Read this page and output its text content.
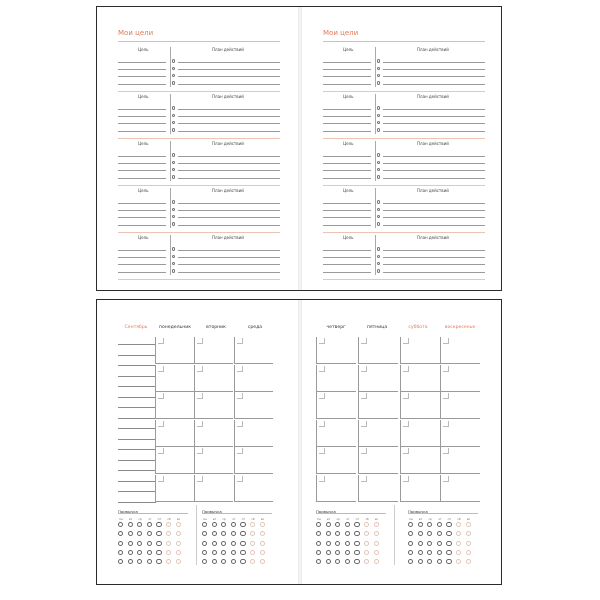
Мои цели
Цель	План действий
Цель	План действий
Цель	План действий
Цель	План действий
Цель	План действий
Мои цели
Цель	План действий
Цель	План действий
Цель	План действий
Цель	План действий
Цель	План действий
Сентябрь	понедельник	вторник	среда
Привычка
пн вт ср чт пт сб вс
Привычка
пн вт ср чт пт сб вс
четверг	пятница	суббота	воскресенье
Привычка
пн вт ср чт пт сб вс
Привычка
пн вт ср чт пт сб вс
